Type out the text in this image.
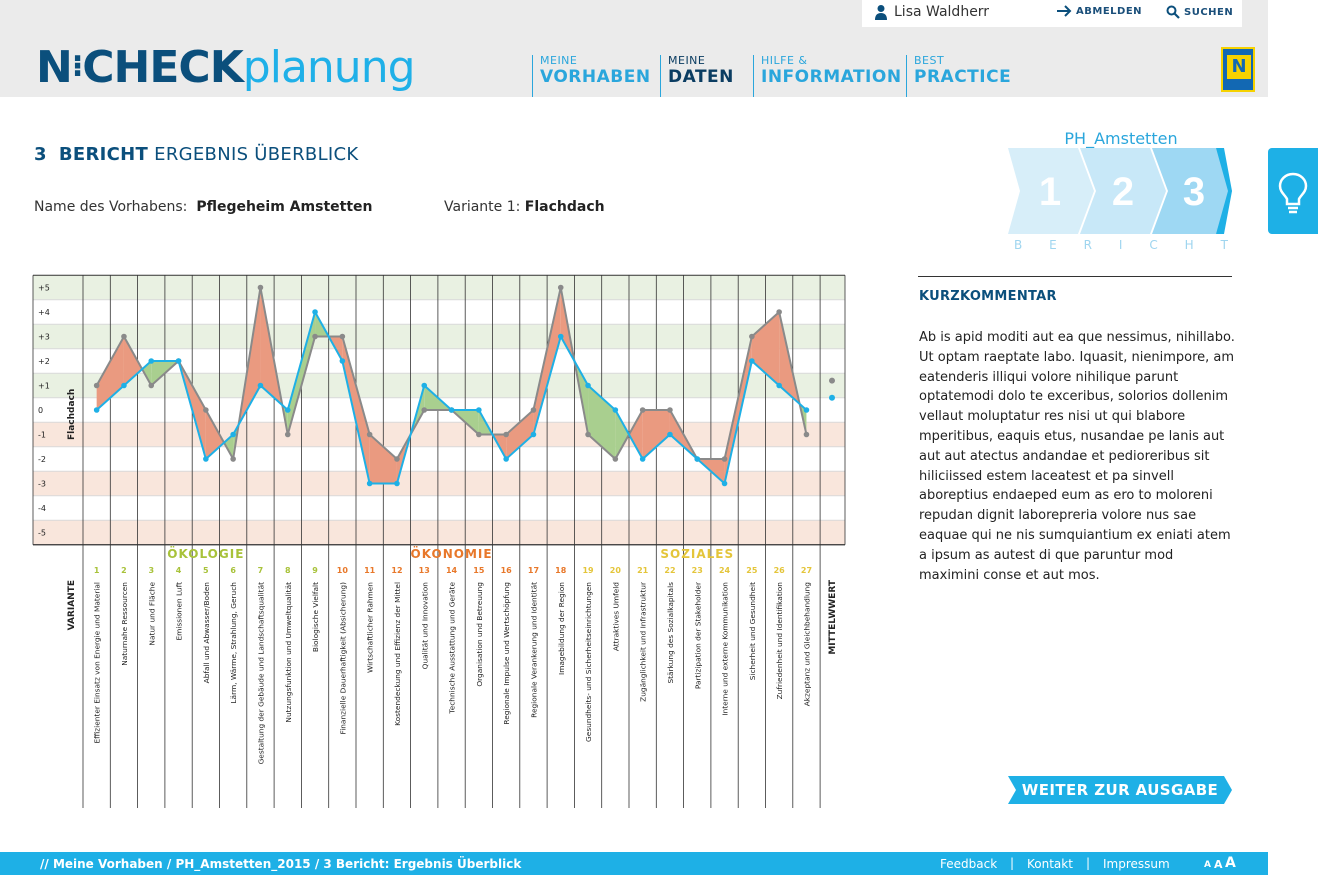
Lisa Waldherr	ABMELDEN	SUCHEN
N⁝CHECKplanung	MEINE
VORHABEN
MEINE
DATEN
HILFE &
INFORMATION
BEST
PRACTICE	N
3 BERICHT ERGEBNIS ÜBERBLICK
Name des Vorhabens: Pflegeheim Amstetten	Variante 1: Flachdach
PH_Amstetten
1 2 3
B E R I C H T
KURZKOMMENTAR
Ab is apid moditi aut ea que nessimus, nihillabo. Ut optam raeptate labo. Iquasit, nienimpore, am eatenderis illiqui volore nihilique parunt optatemodi dolo te exceribus, solorios dollenim vellaut moluptatur res nisi ut qui blabore mperitibus, eaquis etus, nusandae pe lanis aut aut aut atectus andandae et pedioreribus sit hiliciissed estem laceatest et pa sinvell aboreptius endaeped eum as ero to moloreni repudan dignit laborepreria volore nus sae eaquae qui ne nis sumquiantium ex eniati atem a ipsum as autest di que paruntur mod maximini conse et aut mos.
WEITER ZUR AUSGABE
+5
+4
+3
+2
+1
0
-1
-2
-3
-4
-5
Flachdach
ÖKOLOGIE	ÖKONOMIE	SOZIALES
1
Effizienter Einsatz von Energie und Material
2
Naturnahe Ressourcen
3
Natur und Fläche
4
Emissionen Luft
5
Abfall und Abwasser/Boden
6
Lärm, Wärme, Strahlung, Geruch
7
Gestaltung der Gebäude und Landschaftsqualität
8
Nutzungsfunktion und Umweltqualität
9
Biologische Vielfalt
10
Finanzielle Dauerhaftigkeit (Absicherung)
11
Wirtschaftlicher Rahmen
12
Kostendeckung und Effizienz der Mittel
13
Qualität und Innovation
14
Technische Ausstattung und Geräte
15
Organisation und Betreuung
16
Regionale Impulse und Wertschöpfung
17
Regionale Verankerung und Identität
18
Imagebildung der Region
19
Gesundheits- und Sicherheitseinrichtungen
20
Attraktives Umfeld
21
Zugänglichkeit und Infrastruktur
22
Stärkung des Sozialkapitals
23
Partizipation der Stakeholder
24
Interne und externe Kommunikation
25
Sicherheit und Gesundheit
26
Zufriedenheit und Identifikation
27
Akzeptanz und Gleichbehandlung
VARIANTE	MITTELWWERT
// Meine Vorhaben / PH_Amstetten_2015 / 3 Bericht: Ergebnis Überblick	Feedback | Kontakt | Impressum	A A A
